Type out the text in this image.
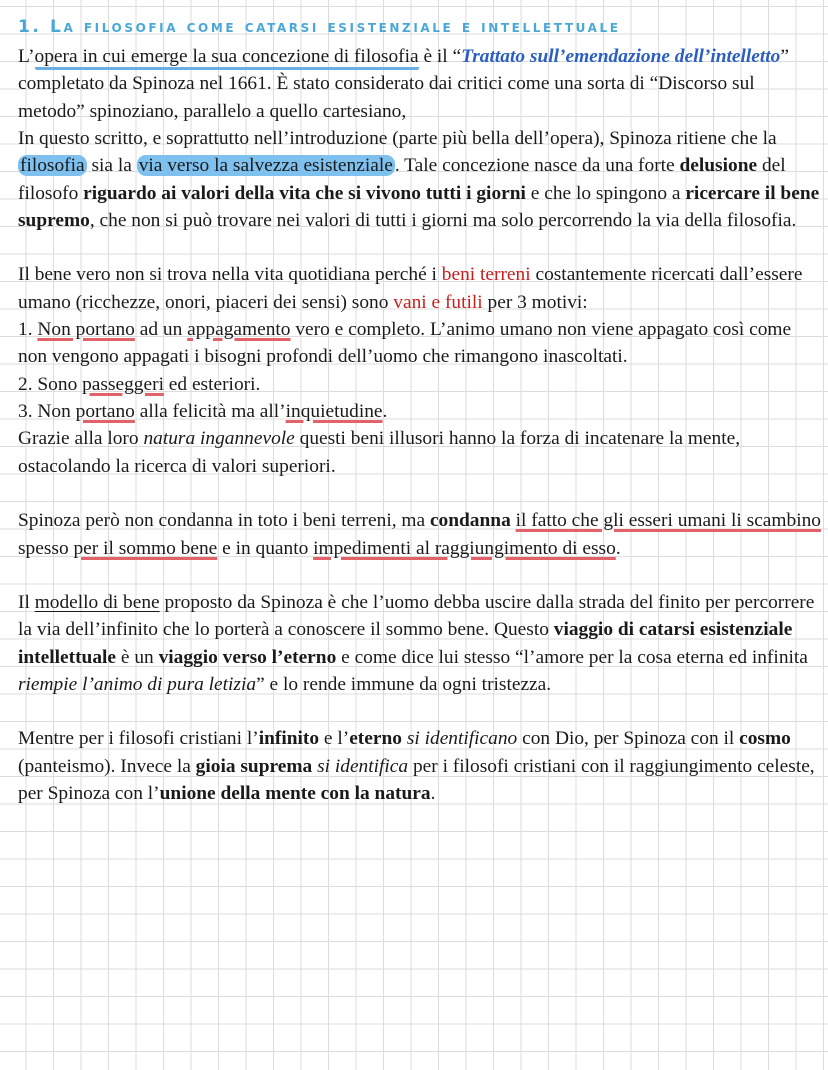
1. La filosofia come catarsi esistenziale e intellettuale

L’opera in cui emerge la sua concezione di filosofia è il “Trattato sull’emendazione dell’intelletto” completato da Spinoza nel 1661. È stato considerato dai critici come una sorta di “Discorso sul metodo” spinoziano, parallelo a quello cartesiano,

In questo scritto, e soprattutto nell’introduzione (parte più bella dell’opera), Spinoza ritiene che la filosofia sia la via verso la salvezza esistenziale . Tale concezione nasce da una forte delusione del filosofo riguardo ai valori della vita che si vivono tutti i giorni e che lo spingono a ricercare il bene supremo, che non si può trovare nei valori di tutti i giorni ma solo percorrendo la via della filosofia.

Il bene vero non si trova nella vita quotidiana perché i beni terreni costantemente ricercati dall’essere umano (ricchezze, onori, piaceri dei sensi) sono vani e futili per 3 motivi:

1. Non portano ad un appagamento vero e completo. L’animo umano non viene appagato così come non vengono appagati i bisogni profondi dell’uomo che rimangono inascoltati.

2. Sono passeggeri ed esteriori.

3. Non portano alla felicità ma all’inquietudine.

Grazie alla loro natura ingannevole questi beni illusori hanno la forza di incatenare la mente, ostacolando la ricerca di valori superiori.

Spinoza però non condanna in toto i beni terreni, ma condanna il fatto che gli esseri umani li scambino spesso per il sommo bene e in quanto impedimenti al raggiungimento di esso.

Il modello di bene proposto da Spinoza è che l’uomo debba uscire dalla strada del finito per percorrere la via dell’infinito che lo porterà a conoscere il sommo bene. Questo viaggio di catarsi esistenziale intellettuale è un viaggio verso l’eterno e come dice lui stesso “l’amore per la cosa eterna ed infinita riempie l’animo di pura letizia” e lo rende immune da ogni tristezza.

Mentre per i filosofi cristiani l’infinito e l’eterno si identificano con Dio, per Spinoza con il cosmo (panteismo). Invece la gioia suprema si identifica per i filosofi cristiani con il raggiungimento celeste, per Spinoza con l’unione della mente con la natura.
